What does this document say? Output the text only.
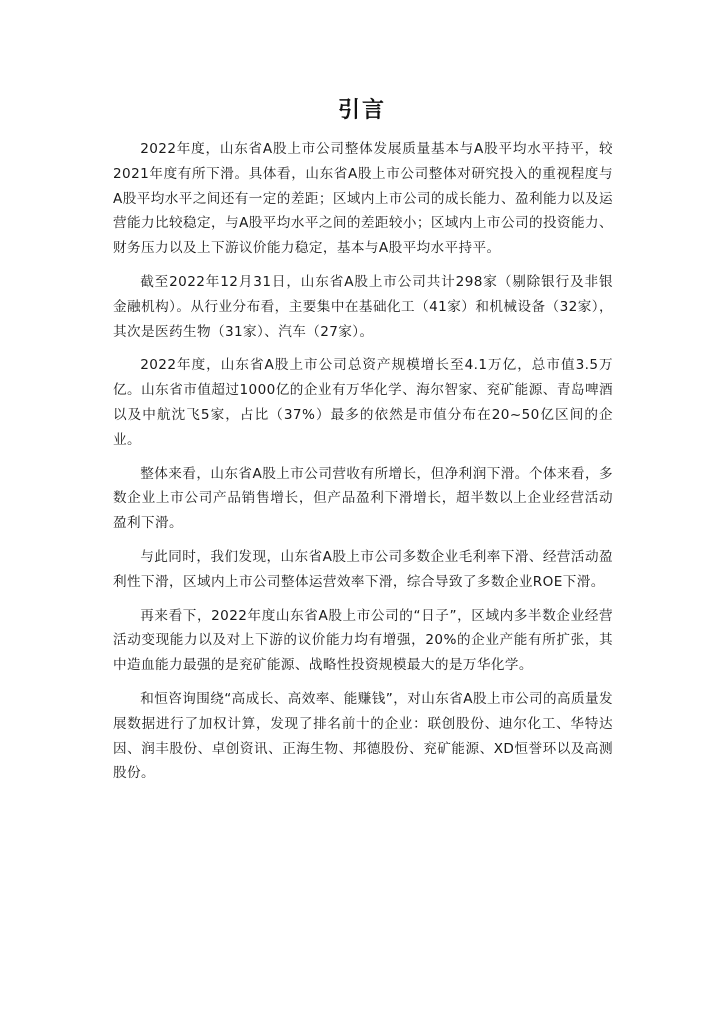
引言

2022年度，山东省A股上市公司整体发展质量基本与A股平均水平持平，较2021年度有所下滑。具体看，山东省A股上市公司整体对研究投入的重视程度与A股平均水平之间还有一定的差距；区域内上市公司的成长能力、盈利能力以及运营能力比较稳定，与A股平均水平之间的差距较小；区域内上市公司的投资能力、财务压力以及上下游议价能力稳定，基本与A股平均水平持平。

截至2022年12月31日，山东省A股上市公司共计298家（剔除银行及非银金融机构）。从行业分布看，主要集中在基础化工（41家）和机械设备（32家），其次是医药生物（31家）、汽车（27家）。

2022年度，山东省A股上市公司总资产规模增长至4.1万亿，总市值3.5万亿。山东省市值超过1000亿的企业有万华化学、海尔智家、兖矿能源、青岛啤酒以及中航沈飞5家，占比（37%）最多的依然是市值分布在20~50亿区间的企业。

整体来看，山东省A股上市公司营收有所增长，但净利润下滑。个体来看，多数企业上市公司产品销售增长，但产品盈利下滑增长，超半数以上企业经营活动盈利下滑。

与此同时，我们发现，山东省A股上市公司多数企业毛利率下滑、经营活动盈利性下滑，区域内上市公司整体运营效率下滑，综合导致了多数企业ROE下滑。

再来看下，2022年度山东省A股上市公司的“日子”，区域内多半数企业经营活动变现能力以及对上下游的议价能力均有增强，20%的企业产能有所扩张，其中造血能力最强的是兖矿能源、战略性投资规模最大的是万华化学。

和恒咨询围绕“高成长、高效率、能赚钱”，对山东省A股上市公司的高质量发展数据进行了加权计算，发现了排名前十的企业：联创股份、迪尔化工、华特达因、润丰股份、卓创资讯、正海生物、邦德股份、兖矿能源、XD恒誉环以及高测股份。
